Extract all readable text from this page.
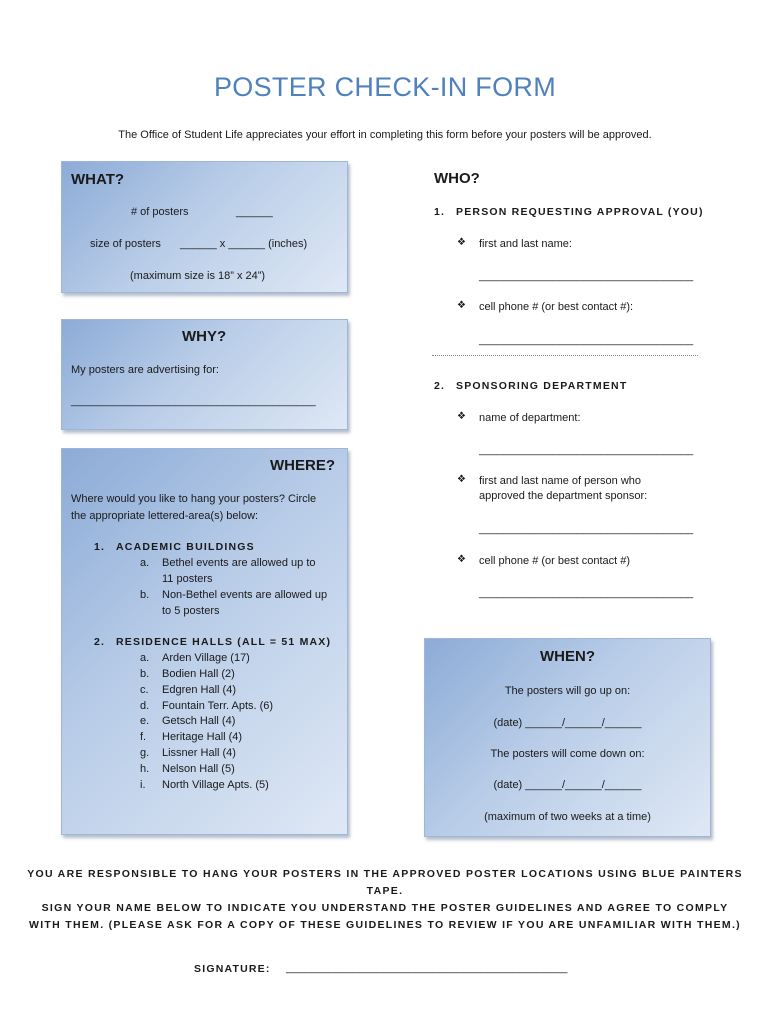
POSTER CHECK-IN FORM
The Office of Student Life appreciates your effort in completing this form before your posters will be approved.
WHAT?
# of posters	______
size of posters ______ x ______ (inches)
(maximum size is 18” x 24”)
WHY?
My posters are advertising for:
________________________________________
WHERE?
Where would you like to hang your posters? Circle
the appropriate lettered-area(s) below:
1. ACADEMIC BUILDINGS
a. Bethel events are allowed up to
11 posters
b. Non-Bethel events are allowed up
to 5 posters
2. RESIDENCE HALLS (ALL = 51 MAX)
a. Arden Village (17)
b. Bodien Hall (2)
c. Edgren Hall (4)
d. Fountain Terr. Apts. (6)
e. Getsch Hall (4)
f. Heritage Hall (4)
g. Lissner Hall (4)
h. Nelson Hall (5)
i. North Village Apts. (5)
WHO?
1. PERSON REQUESTING APPROVAL (YOU)
❖ first and last name:
___________________________________
❖ cell phone # (or best contact #):
___________________________________
2. SPONSORING DEPARTMENT
❖ name of department:
___________________________________
❖ first and last name of person who
approved the department sponsor:
___________________________________
❖ cell phone # (or best contact #)
___________________________________
WHEN?
The posters will go up on:
(date) ______/______/______
The posters will come down on:
(date) ______/______/______
(maximum of two weeks at a time)
YOU ARE RESPONSIBLE TO HANG YOUR POSTERS IN THE APPROVED POSTER LOCATIONS USING BLUE PAINTERS TAPE.
SIGN YOUR NAME BELOW TO INDICATE YOU UNDERSTAND THE POSTER GUIDELINES AND AGREE TO COMPLY
WITH THEM. (PLEASE ASK FOR A COPY OF THESE GUIDELINES TO REVIEW IF YOU ARE UNFAMILIAR WITH THEM.)
SIGNATURE: ______________________________________________
